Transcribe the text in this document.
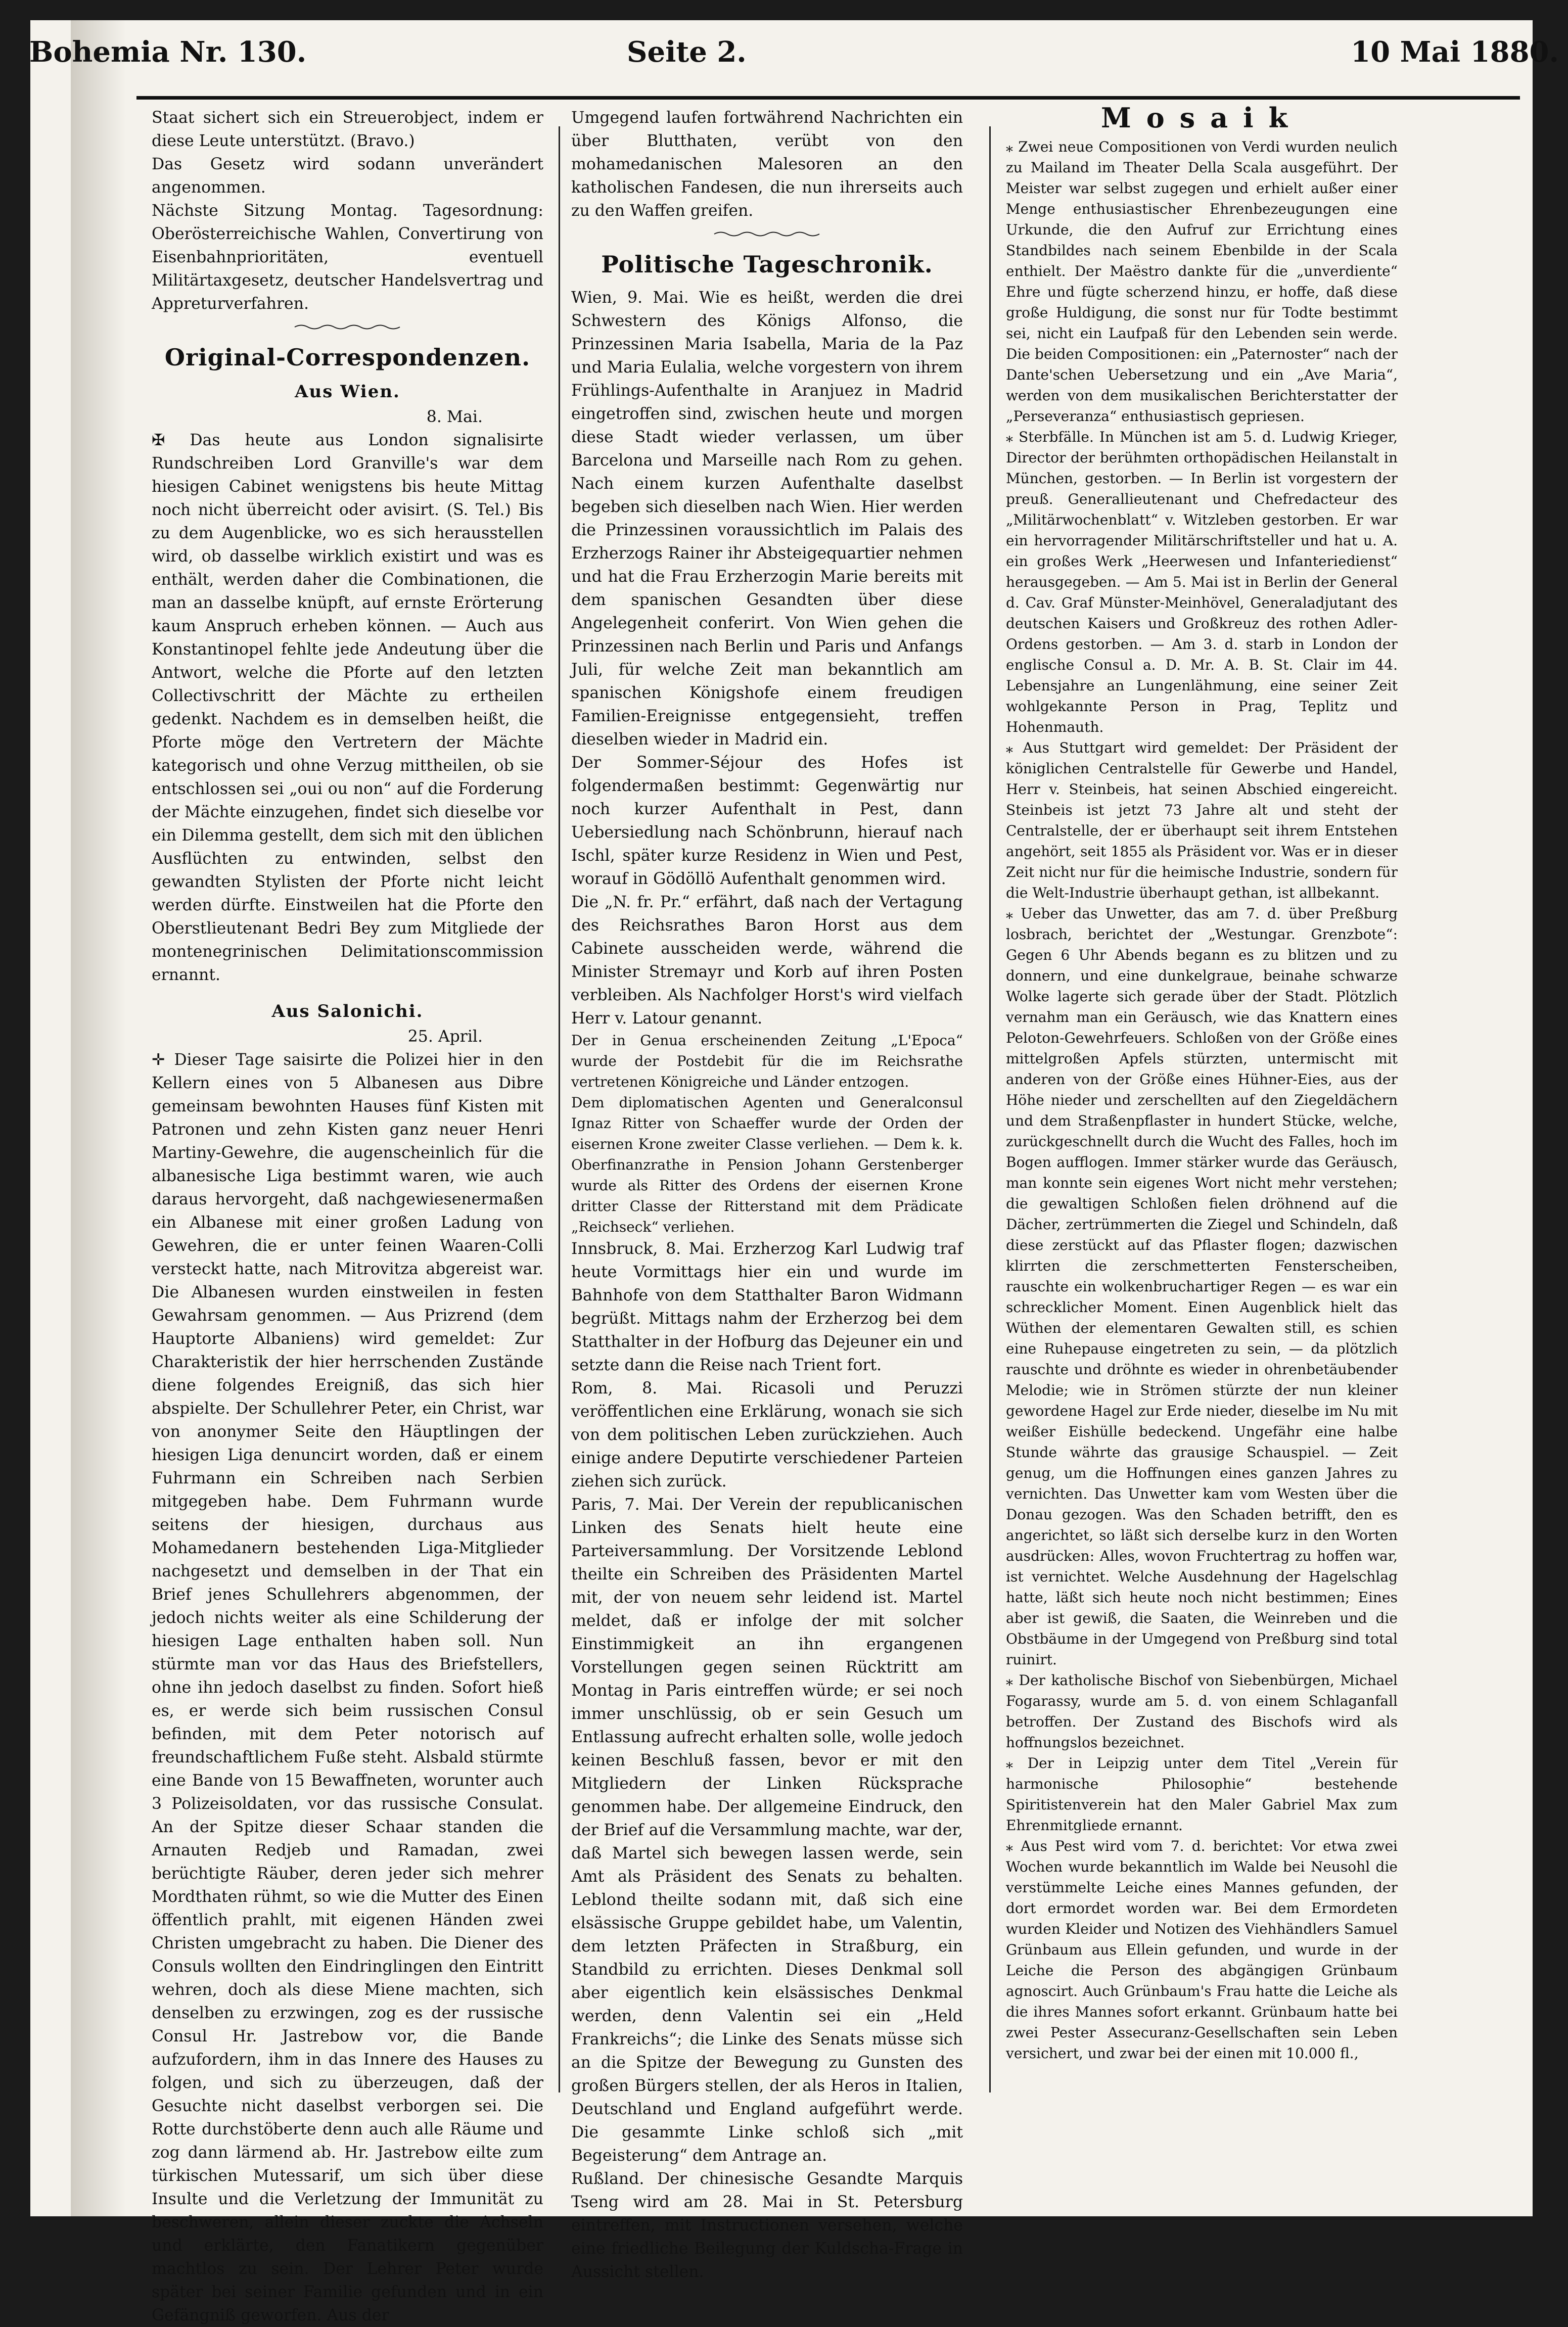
Bohemia Nr. 130.	Seite 2.	10 Mai 1880.

Staat sichert sich ein Streuerobject, indem er diese Leute unterstützt. (Bravo.)

Das Gesetz wird sodann unverändert angenommen.

Nächste Sitzung Montag. Tagesordnung: Oberösterreichische Wahlen, Convertirung von Eisenbahnprioritäten, eventuell Militärtaxgesetz, deutscher Handelsvertrag und Appreturverfahren.

Original-Correspondenzen.
Aus Wien.
8. Mai.

✠ Das heute aus London signalisirte Rundschreiben Lord Granville's war dem hiesigen Cabinet wenigstens bis heute Mittag noch nicht überreicht oder avisirt. (S. Tel.) Bis zu dem Augenblicke, wo es sich herausstellen wird, ob dasselbe wirklich existirt und was es enthält, werden daher die Combinationen, die man an dasselbe knüpft, auf ernste Erörterung kaum Anspruch erheben können. — Auch aus Konstantinopel fehlte jede Andeutung über die Antwort, welche die Pforte auf den letzten Collectivschritt der Mächte zu ertheilen gedenkt. Nachdem es in demselben heißt, die Pforte möge den Vertretern der Mächte kategorisch und ohne Verzug mittheilen, ob sie entschlossen sei „oui ou non“ auf die Forderung der Mächte einzugehen, findet sich dieselbe vor ein Dilemma gestellt, dem sich mit den üblichen Ausflüchten zu entwinden, selbst den gewandten Stylisten der Pforte nicht leicht werden dürfte. Einstweilen hat die Pforte den Oberstlieutenant Bedri Bey zum Mitgliede der montenegrinischen Delimitationscommission ernannt.

Aus Salonichi.
25. April.

✛ Dieser Tage saisirte die Polizei hier in den Kellern eines von 5 Albanesen aus Dibre gemeinsam bewohnten Hauses fünf Kisten mit Patronen und zehn Kisten ganz neuer Henri Martiny-Gewehre, die augenscheinlich für die albanesische Liga bestimmt waren, wie auch daraus hervorgeht, daß nachgewiesenermaßen ein Albanese mit einer großen Ladung von Gewehren, die er unter feinen Waaren-Colli versteckt hatte, nach Mitrovitza abgereist war. Die Albanesen wurden einstweilen in festen Gewahrsam genommen. — Aus Prizrend (dem Hauptorte Albaniens) wird gemeldet: Zur Charakteristik der hier herrschenden Zustände diene folgendes Ereigniß, das sich hier abspielte. Der Schullehrer Peter, ein Christ, war von anonymer Seite den Häuptlingen der hiesigen Liga denuncirt worden, daß er einem Fuhrmann ein Schreiben nach Serbien mitgegeben habe. Dem Fuhrmann wurde seitens der hiesigen, durchaus aus Mohamedanern bestehenden Liga-Mitglieder nachgesetzt und demselben in der That ein Brief jenes Schullehrers abgenommen, der jedoch nichts weiter als eine Schilderung der hiesigen Lage enthalten haben soll. Nun stürmte man vor das Haus des Briefstellers, ohne ihn jedoch daselbst zu finden. Sofort hieß es, er werde sich beim russischen Consul befinden, mit dem Peter notorisch auf freundschaftlichem Fuße steht. Alsbald stürmte eine Bande von 15 Bewaffneten, worunter auch 3 Polizeisoldaten, vor das russische Consulat. An der Spitze dieser Schaar standen die Arnauten Redjeb und Ramadan, zwei berüchtigte Räuber, deren jeder sich mehrer Mordthaten rühmt, so wie die Mutter des Einen öffentlich prahlt, mit eigenen Händen zwei Christen umgebracht zu haben. Die Diener des Consuls wollten den Eindringlingen den Eintritt wehren, doch als diese Miene machten, sich denselben zu erzwingen, zog es der russische Consul Hr. Jastrebow vor, die Bande aufzufordern, ihm in das Innere des Hauses zu folgen, und sich zu überzeugen, daß der Gesuchte nicht daselbst verborgen sei. Die Rotte durchstöberte denn auch alle Räume und zog dann lärmend ab. Hr. Jastrebow eilte zum türkischen Mutessarif, um sich über diese Insulte und die Verletzung der Immunität zu beschweren, allein dieser zuckte die Achseln und erklärte, den Fanatikern gegenüber machtlos zu sein. Der Lehrer Peter wurde später bei seiner Familie gefunden und in ein Gefängniß geworfen. Aus der

Umgegend laufen fortwährend Nachrichten ein über Blutthaten, verübt von den mohamedanischen Malesoren an den katholischen Fandesen, die nun ihrerseits auch zu den Waffen greifen.

Politische Tageschronik.

Wien, 9. Mai. Wie es heißt, werden die drei Schwestern des Königs Alfonso, die Prinzessinen Maria Isabella, Maria de la Paz und Maria Eulalia, welche vorgestern von ihrem Frühlings-Aufenthalte in Aranjuez in Madrid eingetroffen sind, zwischen heute und morgen diese Stadt wieder verlassen, um über Barcelona und Marseille nach Rom zu gehen. Nach einem kurzen Aufenthalte daselbst begeben sich dieselben nach Wien. Hier werden die Prinzessinen voraussichtlich im Palais des Erzherzogs Rainer ihr Absteigequartier nehmen und hat die Frau Erzherzogin Marie bereits mit dem spanischen Gesandten über diese Angelegenheit conferirt. Von Wien gehen die Prinzessinen nach Berlin und Paris und Anfangs Juli, für welche Zeit man bekanntlich am spanischen Königshofe einem freudigen Familien-Ereignisse entgegensieht, treffen dieselben wieder in Madrid ein.

Der Sommer-Séjour des Hofes ist folgendermaßen bestimmt: Gegenwärtig nur noch kurzer Aufenthalt in Pest, dann Uebersiedlung nach Schönbrunn, hierauf nach Ischl, später kurze Residenz in Wien und Pest, worauf in Gödöllö Aufenthalt genommen wird.

Die „N. fr. Pr.“ erfährt, daß nach der Vertagung des Reichsrathes Baron Horst aus dem Cabinete ausscheiden werde, während die Minister Stremayr und Korb auf ihren Posten verbleiben. Als Nachfolger Horst's wird vielfach Herr v. Latour genannt.

Der in Genua erscheinenden Zeitung „L'Epoca“ wurde der Postdebit für die im Reichsrathe vertretenen Königreiche und Länder entzogen.

Dem diplomatischen Agenten und Generalconsul Ignaz Ritter von Schaeffer wurde der Orden der eisernen Krone zweiter Classe verliehen. — Dem k. k. Oberfinanzrathe in Pension Johann Gerstenberger wurde als Ritter des Ordens der eisernen Krone dritter Classe der Ritterstand mit dem Prädicate „Reichseck“ verliehen.

Innsbruck, 8. Mai. Erzherzog Karl Ludwig traf heute Vormittags hier ein und wurde im Bahnhofe von dem Statthalter Baron Widmann begrüßt. Mittags nahm der Erzherzog bei dem Statthalter in der Hofburg das Dejeuner ein und setzte dann die Reise nach Trient fort.

Rom, 8. Mai. Ricasoli und Peruzzi veröffentlichen eine Erklärung, wonach sie sich von dem politischen Leben zurückziehen. Auch einige andere Deputirte verschiedener Parteien ziehen sich zurück.

Paris, 7. Mai. Der Verein der republicanischen Linken des Senats hielt heute eine Parteiversammlung. Der Vorsitzende Leblond theilte ein Schreiben des Präsidenten Martel mit, der von neuem sehr leidend ist. Martel meldet, daß er infolge der mit solcher Einstimmigkeit an ihn ergangenen Vorstellungen gegen seinen Rücktritt am Montag in Paris eintreffen würde; er sei noch immer unschlüssig, ob er sein Gesuch um Entlassung aufrecht erhalten solle, wolle jedoch keinen Beschluß fassen, bevor er mit den Mitgliedern der Linken Rücksprache genommen habe. Der allgemeine Eindruck, den der Brief auf die Versammlung machte, war der, daß Martel sich bewegen lassen werde, sein Amt als Präsident des Senats zu behalten. Leblond theilte sodann mit, daß sich eine elsässische Gruppe gebildet habe, um Valentin, dem letzten Präfecten in Straßburg, ein Standbild zu errichten. Dieses Denkmal soll aber eigentlich kein elsässisches Denkmal werden, denn Valentin sei ein „Held Frankreichs“; die Linke des Senats müsse sich an die Spitze der Bewegung zu Gunsten des großen Bürgers stellen, der als Heros in Italien, Deutschland und England aufgeführt werde. Die gesammte Linke schloß sich „mit Begeisterung“ dem Antrage an.

Rußland. Der chinesische Gesandte Marquis Tseng wird am 28. Mai in St. Petersburg eintreffen, mit Instructionen versehen, welche eine friedliche Beilegung der Kuldscha-Frage in Aussicht stellen.

Mosaik

⁎ Zwei neue Compositionen von Verdi wurden neulich zu Mailand im Theater Della Scala ausgeführt. Der Meister war selbst zugegen und erhielt außer einer Menge enthusiastischer Ehrenbezeugungen eine Urkunde, die den Aufruf zur Errichtung eines Standbildes nach seinem Ebenbilde in der Scala enthielt. Der Maëstro dankte für die „unverdiente“ Ehre und fügte scherzend hinzu, er hoffe, daß diese große Huldigung, die sonst nur für Todte bestimmt sei, nicht ein Laufpaß für den Lebenden sein werde. Die beiden Compositionen: ein „Paternoster“ nach der Dante'schen Uebersetzung und ein „Ave Maria“, werden von dem musikalischen Berichterstatter der „Perseveranza“ enthusiastisch gepriesen.

⁎ Sterbfälle. In München ist am 5. d. Ludwig Krieger, Director der berühmten orthopädischen Heilanstalt in München, gestorben. — In Berlin ist vorgestern der preuß. Generallieutenant und Chefredacteur des „Militärwochenblatt“ v. Witzleben gestorben. Er war ein hervorragender Militärschriftsteller und hat u. A. ein großes Werk „Heerwesen und Infanteriedienst“ herausgegeben. — Am 5. Mai ist in Berlin der General d. Cav. Graf Münster-Meinhövel, Generaladjutant des deutschen Kaisers und Großkreuz des rothen Adler-Ordens gestorben. — Am 3. d. starb in London der englische Consul a. D. Mr. A. B. St. Clair im 44. Lebensjahre an Lungenlähmung, eine seiner Zeit wohlgekannte Person in Prag, Teplitz und Hohenmauth.

⁎ Aus Stuttgart wird gemeldet: Der Präsident der königlichen Centralstelle für Gewerbe und Handel, Herr v. Steinbeis, hat seinen Abschied eingereicht. Steinbeis ist jetzt 73 Jahre alt und steht der Centralstelle, der er überhaupt seit ihrem Entstehen angehört, seit 1855 als Präsident vor. Was er in dieser Zeit nicht nur für die heimische Industrie, sondern für die Welt-Industrie überhaupt gethan, ist allbekannt.

⁎ Ueber das Unwetter, das am 7. d. über Preßburg losbrach, berichtet der „Westungar. Grenzbote“: Gegen 6 Uhr Abends begann es zu blitzen und zu donnern, und eine dunkelgraue, beinahe schwarze Wolke lagerte sich gerade über der Stadt. Plötzlich vernahm man ein Geräusch, wie das Knattern eines Peloton-Gewehrfeuers. Schloßen von der Größe eines mittelgroßen Apfels stürzten, untermischt mit anderen von der Größe eines Hühner-Eies, aus der Höhe nieder und zerschellten auf den Ziegeldächern und dem Straßenpflaster in hundert Stücke, welche, zurückgeschnellt durch die Wucht des Falles, hoch im Bogen aufflogen. Immer stärker wurde das Geräusch, man konnte sein eigenes Wort nicht mehr verstehen; die gewaltigen Schloßen fielen dröhnend auf die Dächer, zertrümmerten die Ziegel und Schindeln, daß diese zerstückt auf das Pflaster flogen; dazwischen klirrten die zerschmetterten Fensterscheiben, rauschte ein wolkenbruchartiger Regen — es war ein schrecklicher Moment. Einen Augenblick hielt das Wüthen der elementaren Gewalten still, es schien eine Ruhepause eingetreten zu sein, — da plötzlich rauschte und dröhnte es wieder in ohrenbetäubender Melodie; wie in Strömen stürzte der nun kleiner gewordene Hagel zur Erde nieder, dieselbe im Nu mit weißer Eishülle bedeckend. Ungefähr eine halbe Stunde währte das grausige Schauspiel. — Zeit genug, um die Hoffnungen eines ganzen Jahres zu vernichten. Das Unwetter kam vom Westen über die Donau gezogen. Was den Schaden betrifft, den es angerichtet, so läßt sich derselbe kurz in den Worten ausdrücken: Alles, wovon Fruchtertrag zu hoffen war, ist vernichtet. Welche Ausdehnung der Hagelschlag hatte, läßt sich heute noch nicht bestimmen; Eines aber ist gewiß, die Saaten, die Weinreben und die Obstbäume in der Umgegend von Preßburg sind total ruinirt.

⁎ Der katholische Bischof von Siebenbürgen, Michael Fogarassy, wurde am 5. d. von einem Schlaganfall betroffen. Der Zustand des Bischofs wird als hoffnungslos bezeichnet.

⁎ Der in Leipzig unter dem Titel „Verein für harmonische Philosophie“ bestehende Spiritistenverein hat den Maler Gabriel Max zum Ehrenmitgliede ernannt.

⁎ Aus Pest wird vom 7. d. berichtet: Vor etwa zwei Wochen wurde bekanntlich im Walde bei Neusohl die verstümmelte Leiche eines Mannes gefunden, der dort ermordet worden war. Bei dem Ermordeten wurden Kleider und Notizen des Viehhändlers Samuel Grünbaum aus Ellein gefunden, und wurde in der Leiche die Person des abgängigen Grünbaum agnoscirt. Auch Grünbaum's Frau hatte die Leiche als die ihres Mannes sofort erkannt. Grünbaum hatte bei zwei Pester Assecuranz-Gesellschaften sein Leben versichert, und zwar bei der einen mit 10.000 fl.,
